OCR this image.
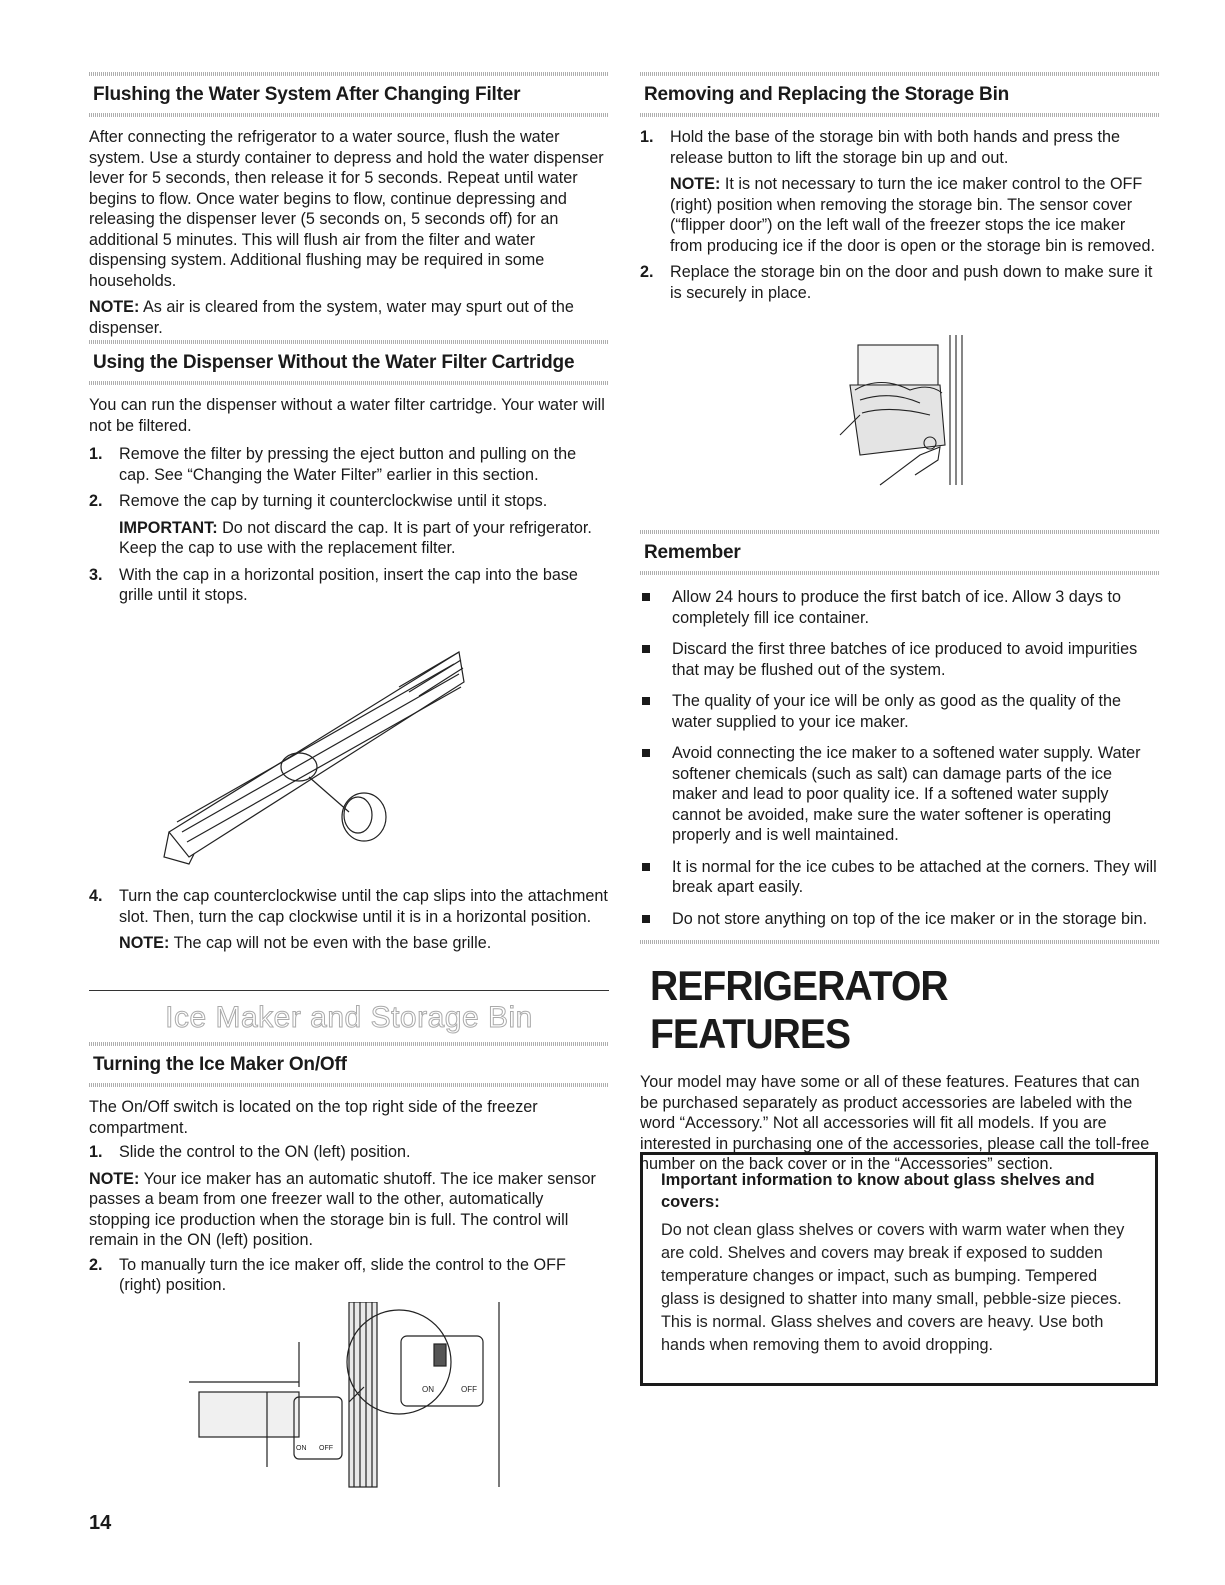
Flushing the Water System After Changing Filter

After connecting the refrigerator to a water source, flush the water system. Use a sturdy container to depress and hold the water dispenser lever for 5 seconds, then release it for 5 seconds. Repeat until water begins to flow. Once water begins to flow, continue depressing and releasing the dispenser lever (5 seconds on, 5 seconds off) for an additional 5 minutes. This will flush air from the filter and water dispensing system. Additional flushing may be required in some households.

NOTE: As air is cleared from the system, water may spurt out of the dispenser.

Using the Dispenser Without the Water Filter Cartridge

You can run the dispenser without a water filter cartridge. Your water will not be filtered.

1. Remove the filter by pressing the eject button and pulling on the cap. See “Changing the Water Filter” earlier in this section.
2. Remove the cap by turning it counterclockwise until it stops.
IMPORTANT: Do not discard the cap. It is part of your refrigerator. Keep the cap to use with the replacement filter.
3. With the cap in a horizontal position, insert the cap into the base grille until it stops.
4. Turn the cap counterclockwise until the cap slips into the attachment slot. Then, turn the cap clockwise until it is in a horizontal position.
NOTE: The cap will not be even with the base grille.
Ice Maker and Storage Bin
Turning the Ice Maker On/Off

The On/Off switch is located on the top right side of the freezer compartment.

1. Slide the control to the ON (left) position.

NOTE: Your ice maker has an automatic shutoff. The ice maker sensor passes a beam from one freezer wall to the other, automatically stopping ice production when the storage bin is full. The control will remain in the ON (left) position.

2. To manually turn the ice maker off, slide the control to the OFF (right) position.
ON	OFF
ON OFF
14
Removing and Replacing the Storage Bin
1. Hold the base of the storage bin with both hands and press the release button to lift the storage bin up and out.
NOTE: It is not necessary to turn the ice maker control to the OFF (right) position when removing the storage bin. The sensor cover (“flipper door”) on the left wall of the freezer stops the ice maker from producing ice if the door is open or the storage bin is removed.
2. Replace the storage bin on the door and push down to make sure it is securely in place.
Remember
Allow 24 hours to produce the first batch of ice. Allow 3 days to completely fill ice container.
Discard the first three batches of ice produced to avoid impurities that may be flushed out of the system.
The quality of your ice will be only as good as the quality of the water supplied to your ice maker.
Avoid connecting the ice maker to a softened water supply. Water softener chemicals (such as salt) can damage parts of the ice maker and lead to poor quality ice. If a softened water supply cannot be avoided, make sure the water softener is operating properly and is well maintained.
It is normal for the ice cubes to be attached at the corners. They will break apart easily.
Do not store anything on top of the ice maker or in the storage bin.
REFRIGERATOR FEATURES

Your model may have some or all of these features. Features that can be purchased separately as product accessories are labeled with the word “Accessory.” Not all accessories will fit all models. If you are interested in purchasing one of the accessories, please call the toll-free number on the back cover or in the “Accessories” section.

Important information to know about glass shelves and covers:
Do not clean glass shelves or covers with warm water when they are cold. Shelves and covers may break if exposed to sudden temperature changes or impact, such as bumping. Tempered glass is designed to shatter into many small, pebble-size pieces. This is normal. Glass shelves and covers are heavy. Use both hands when removing them to avoid dropping.
